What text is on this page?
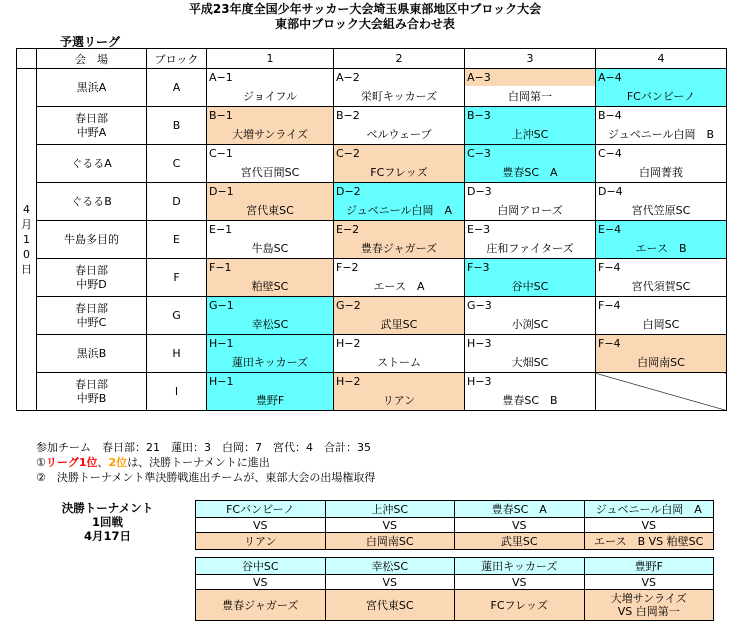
平成23年度全国少年サッカー大会埼玉県東部地区中ブロック大会
東部中ブロック大会組み合わせ表
予選リーグ
	会　場	ブロック	1	2	3	4

4
月
1
0
日	黒浜A	A	A−1	A−2	A−3	A−4
			ジョイフル	栄町キッカーズ	白岡第一	FCバンビーノ

	春日部
中野A	B	B−1	B−2	B−3	B−4
			大増サンライズ	ベルウェーブ	上沖SC	ジュベニール白岡　B

	ぐるるA	C	C−1	C−2	C−3	C−4
			宮代百間SC	FCフレッズ	豊春SC　A	白岡菁莪

	ぐるるB	D	D−1	D−2	D−3	D−4
			宮代東SC	ジュベニール白岡　A	白岡アローズ	宮代笠原SC

	牛島多目的	E	E−1	E−2	E−3	E−4
			牛島SC	豊春ジャガーズ	庄和ファイターズ	エース　B

	春日部
中野D	F	F−1	F−2	F−3	F−4
			粕壁SC	エース　A	谷中SC	宮代須賀SC

	春日部
中野C	G	G−1	G−2	G−3	F−4
			幸松SC	武里SC	小渕SC	白岡SC

	黒浜B	H	H−1	H−2	H−3	F−4
			蓮田キッカーズ	ストーム	大畑SC	白岡南SC

	春日部
中野B	I	H−1	H−2	H−3	
			豊野F	リアン	豊春SC　B	
参加チーム　春日部：21　蓮田：3　白岡：7　宮代：4　合計：35
①リーグ1位、2位は、決勝トーナメントに進出
②　決勝トーナメント準決勝戦進出チームが、東部大会の出場権取得
決勝トーナメント
1回戦
4月17日
FCバンビーノ	上沖SC	豊春SC　A	ジュベニール白岡　A
VS	VS	VS	VS
リアン	白岡南SC	武里SC	エース　B VS 粕壁SC
谷中SC	幸松SC	蓮田キッカーズ	豊野F
VS	VS	VS	VS
豊春ジャガーズ	宮代東SC	FCフレッズ	大増サンライズ
VS 白岡第一
